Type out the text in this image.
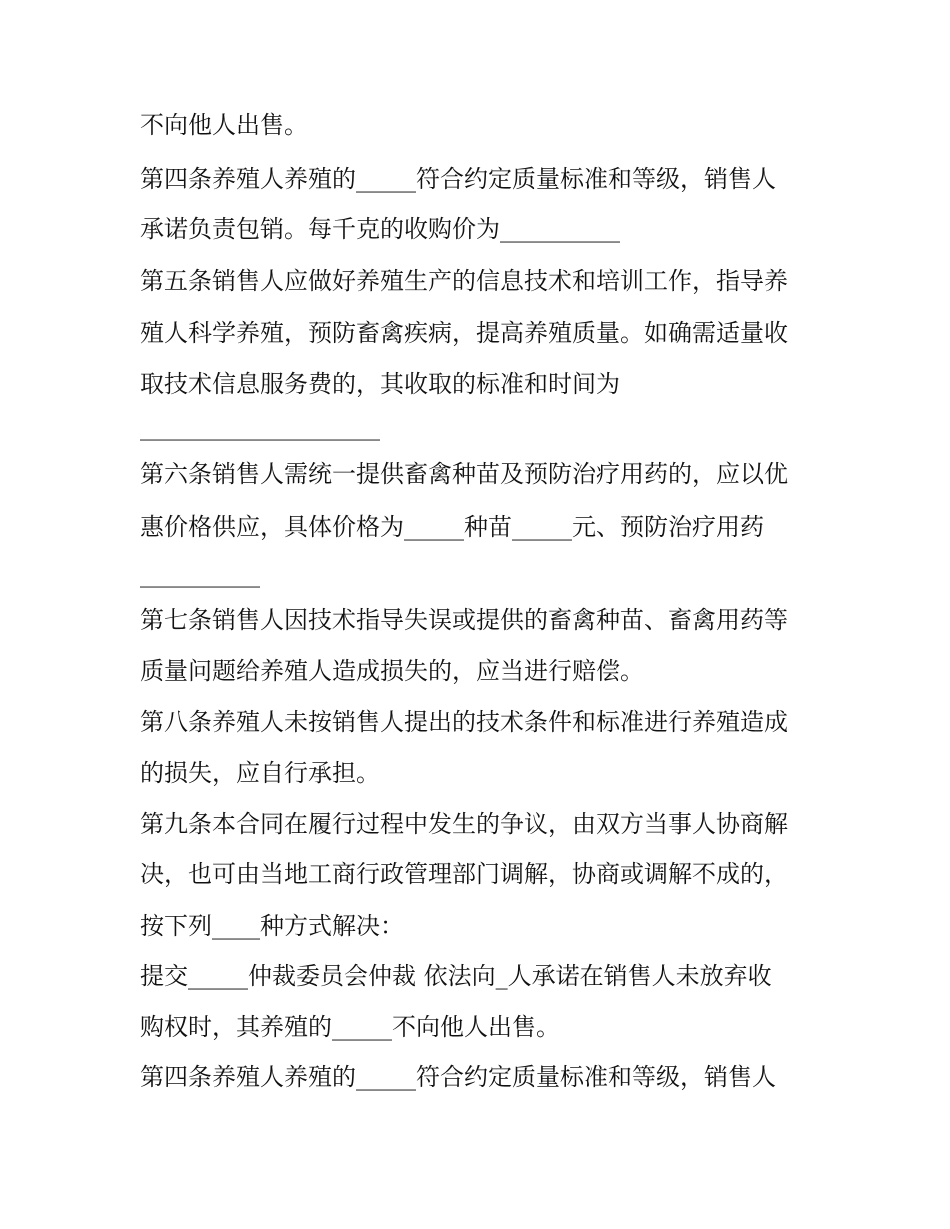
不向他人出售。
第四条养殖人养殖的_____符合约定质量标准和等级，销售人
承诺负责包销。每千克的收购价为__________
第五条销售人应做好养殖生产的信息技术和培训工作，指导养
殖人科学养殖，预防畜禽疾病，提高养殖质量。如确需适量收
取技术信息服务费的，其收取的标准和时间为
____________________
第六条销售人需统一提供畜禽种苗及预防治疗用药的，应以优
惠价格供应，具体价格为_____种苗_____元、预防治疗用药
__________
第七条销售人因技术指导失误或提供的畜禽种苗、畜禽用药等
质量问题给养殖人造成损失的，应当进行赔偿。
第八条养殖人未按销售人提出的技术条件和标准进行养殖造成
的损失，应自行承担。
第九条本合同在履行过程中发生的争议，由双方当事人协商解
决，也可由当地工商行政管理部门调解，协商或调解不成的，
按下列____种方式解决：
提交_____仲裁委员会仲裁 依法向_人承诺在销售人未放弃收
购权时，其养殖的_____不向他人出售。
第四条养殖人养殖的_____符合约定质量标准和等级，销售人
